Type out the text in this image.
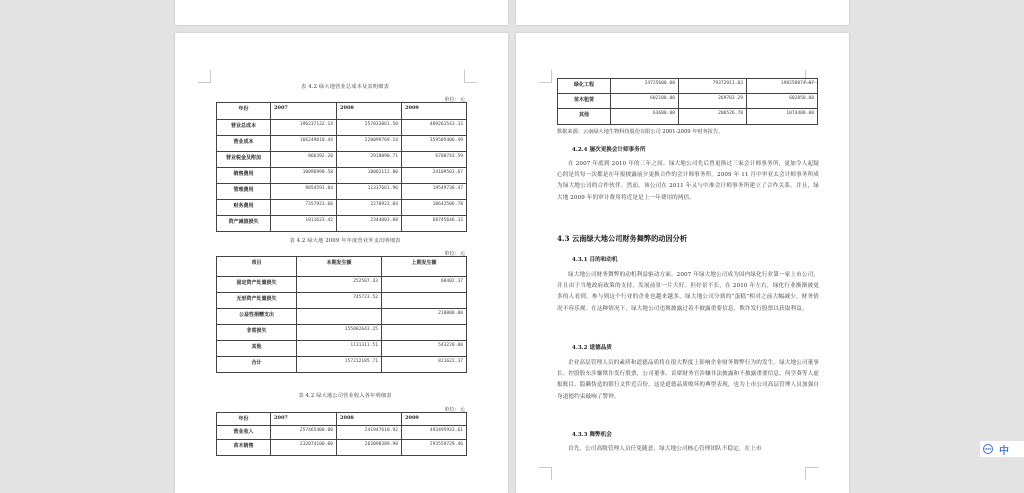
表 4.2 绿大地营业总成本及其明细表
单位：元
年份	2007	2008	2009
营业总成本	196237132.14	257033061.50	489261543.33
营业成本	166249610.44	220099769.14	359505406.49
营业税金及附加	866392.20	2918090.71	6708743.59
销售费用	10096990.58	18062112.80	24109503.67
管理费用	9854591.84	11337661.96	19549736.47
财务费用	7357923.66	2270923.04	10642506.78
资产减值损失	1811623.42	2344003.88	68745646.33
表 4.2 绿大地 2009 年年度营业外支出明细表
单位：元
项目	本期发生额	上期发生额
固定资产处置损失	252507.43	68402.37
无形资产处置损失	745723.52	
公益性捐赠支出		210000.00
非常损失	155082643.25	
其他	1131311.51	543220.00
合计	157212185.71	821622.37
表 4.2 绿大地公司营业收入各年明细表
单位：元
年份	2007	2008	2009
营业收入	257465400.00	241947610.92	493495933.61
苗木销售	232074100.00	262098389.90	293559729.46
绿化工程	24725600.00	79372911.03	198258874.07
苗木租赁	602100.00	269783.29	602850.08
其他	63600.00	206526.70	1074480.00
数据来源：云南绿大地生物科技股份有限公司 2001-2009 年财务报告。
4.2.4 屡次更换会计师事务所
在 2007 年底到 2010 年的三年之间，绿大地公司先后曾更换过三家会计师事务所，更加令人起疑心的是其每一次都是在年报披露前夕更换合作的会计师事务所。2009 年 11 月中审亚太会计师事务所成为绿大地公司的合作伙伴。然而，该公司在 2011 年又与中准会计师事务所建立了合作关系。并且，绿大地 2009 年的审计费用将近是是上一年费用的两倍。
4.3 云南绿大地公司财务舞弊的动因分析
4.3.1 目的和动机
绿大地公司财务舞弊的动机利益驱动方面。2007 年绿大地公司成为国内绿化行业第一家上市公司，并且由于当地政府政策的支持，发展前景一片大好。但好景不长，在 2010 年左右，绿化行业渐渐被更多的人看到，参与到这个行业的企业也越来越多，绿大地公司分到的“蛋糕”相对之前大幅减少，财务情况不容乐观。在这种情况下，绿大地公司违规披露过着不披露重要信息，欺诈发行股票以获取利益。
4.3.2 道德品质
企业高层管理人员的素质和道德品质将在很大程度上影响企业财务舞弊行为的发生。绿大地公司董事长、控股股东涉嫌欺诈发行股票，公司董事、首席财务官涉嫌非法披露和不披露重要信息，何学葵等人虚报账目、隐瞒伪造的银行文件近百份，这是道德品质败坏的典型表现，也为上市公司高层管理人员加强自身道德约束敲响了警钟。
4.3.3 舞弊机会
首先，公司高级管理人员任免随意，绿大地公司核心管理团队不稳定，在上市	iFLY 中
